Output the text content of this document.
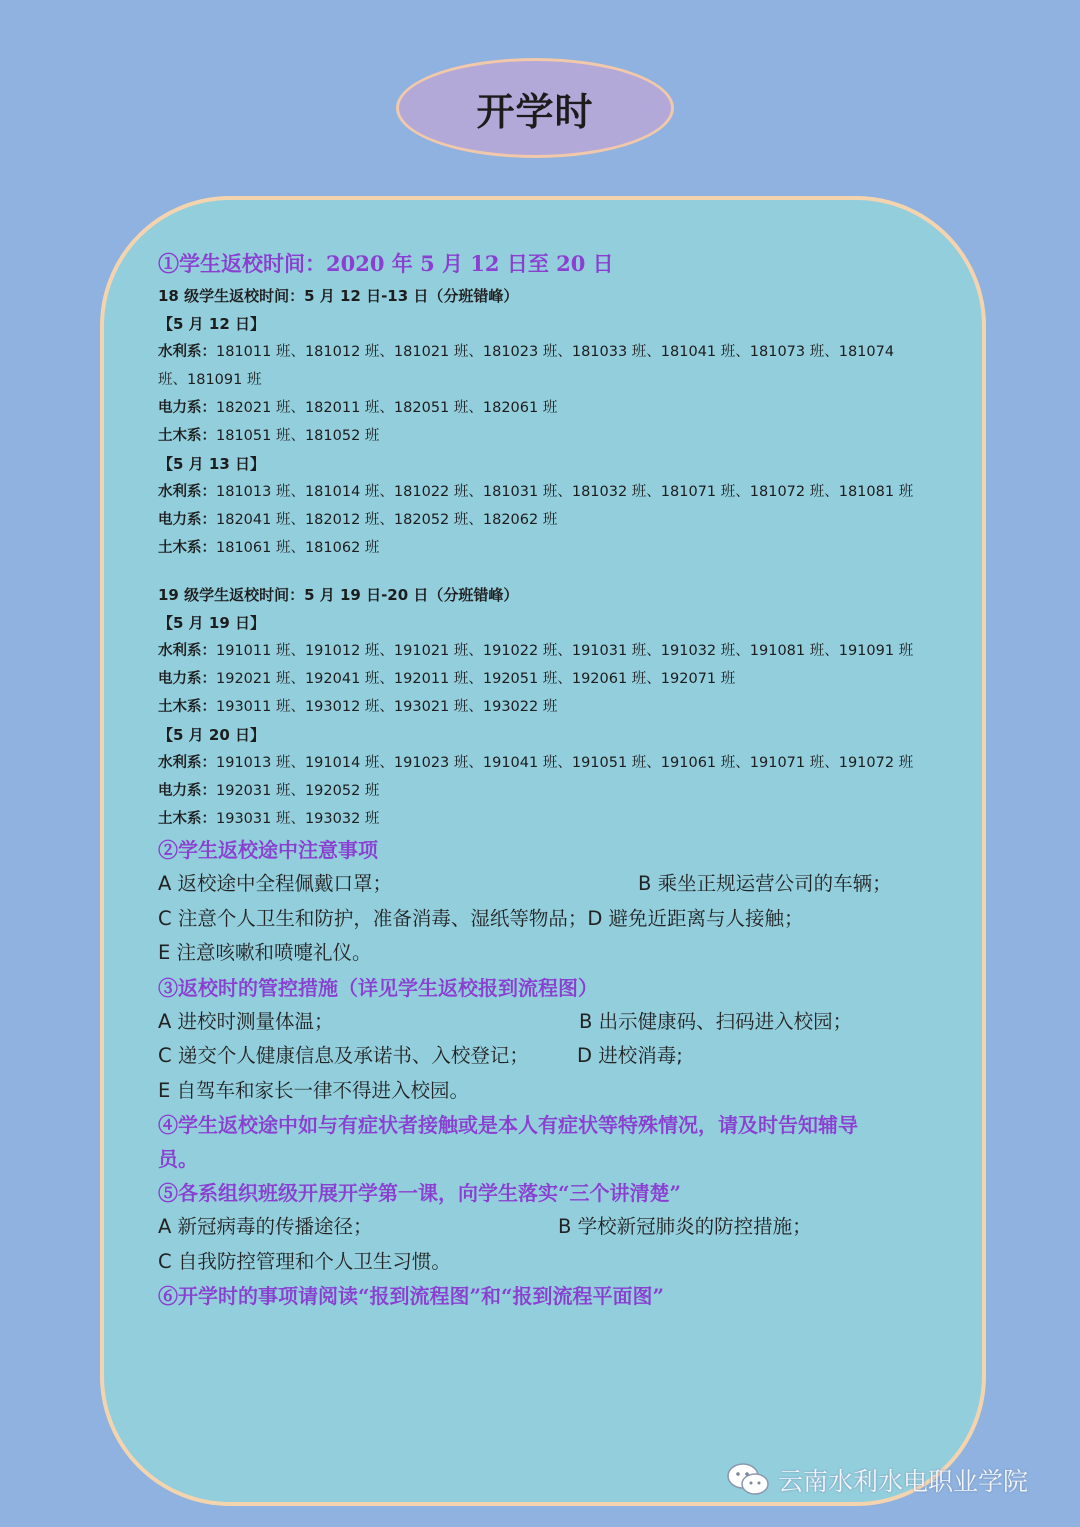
开学时

①学生返校时间：2020 年 5 月 12 日至 20 日

18 级学生返校时间：5 月 12 日-13 日（分班错峰）

【5 月 12 日】

水利系：181011 班、181012 班、181021 班、181023 班、181033 班、181041 班、181073 班、181074

班、181091 班

电力系：182021 班、182011 班、182051 班、182061 班

土木系：181051 班、181052 班

【5 月 13 日】

水利系：181013 班、181014 班、181022 班、181031 班、181032 班、181071 班、181072 班、181081 班

电力系：182041 班、182012 班、182052 班、182062 班

土木系：181061 班、181062 班

19 级学生返校时间：5 月 19 日-20 日（分班错峰）

【5 月 19 日】

水利系：191011 班、191012 班、191021 班、191022 班、191031 班、191032 班、191081 班、191091 班

电力系：192021 班、192041 班、192011 班、192051 班、192061 班、192071 班

土木系：193011 班、193012 班、193021 班、193022 班

【5 月 20 日】

水利系：191013 班、191014 班、191023 班、191041 班、191051 班、191061 班、191071 班、191072 班

电力系：192031 班、192052 班

土木系：193031 班、193032 班

②学生返校途中注意事项

A 返校途中全程佩戴口罩；	B 乘坐正规运营公司的车辆；

C 注意个人卫生和防护，准备消毒、湿纸等物品； D 避免近距离与人接触；

E 注意咳嗽和喷嚏礼仪。

③返校时的管控措施（详见学生返校报到流程图）

A 进校时测量体温；	B 出示健康码、扫码进入校园；

C 递交个人健康信息及承诺书、入校登记；	D 进校消毒;

E 自驾车和家长一律不得进入校园。

④学生返校途中如与有症状者接触或是本人有症状等特殊情况，请及时告知辅导

员。

⑤各系组织班级开展开学第一课，向学生落实“三个讲清楚”

A 新冠病毒的传播途径；	B 学校新冠肺炎的防控措施；

C 自我防控管理和个人卫生习惯。

⑥开学时的事项请阅读“报到流程图”和“报到流程平面图”

云南水利水电职业学院
